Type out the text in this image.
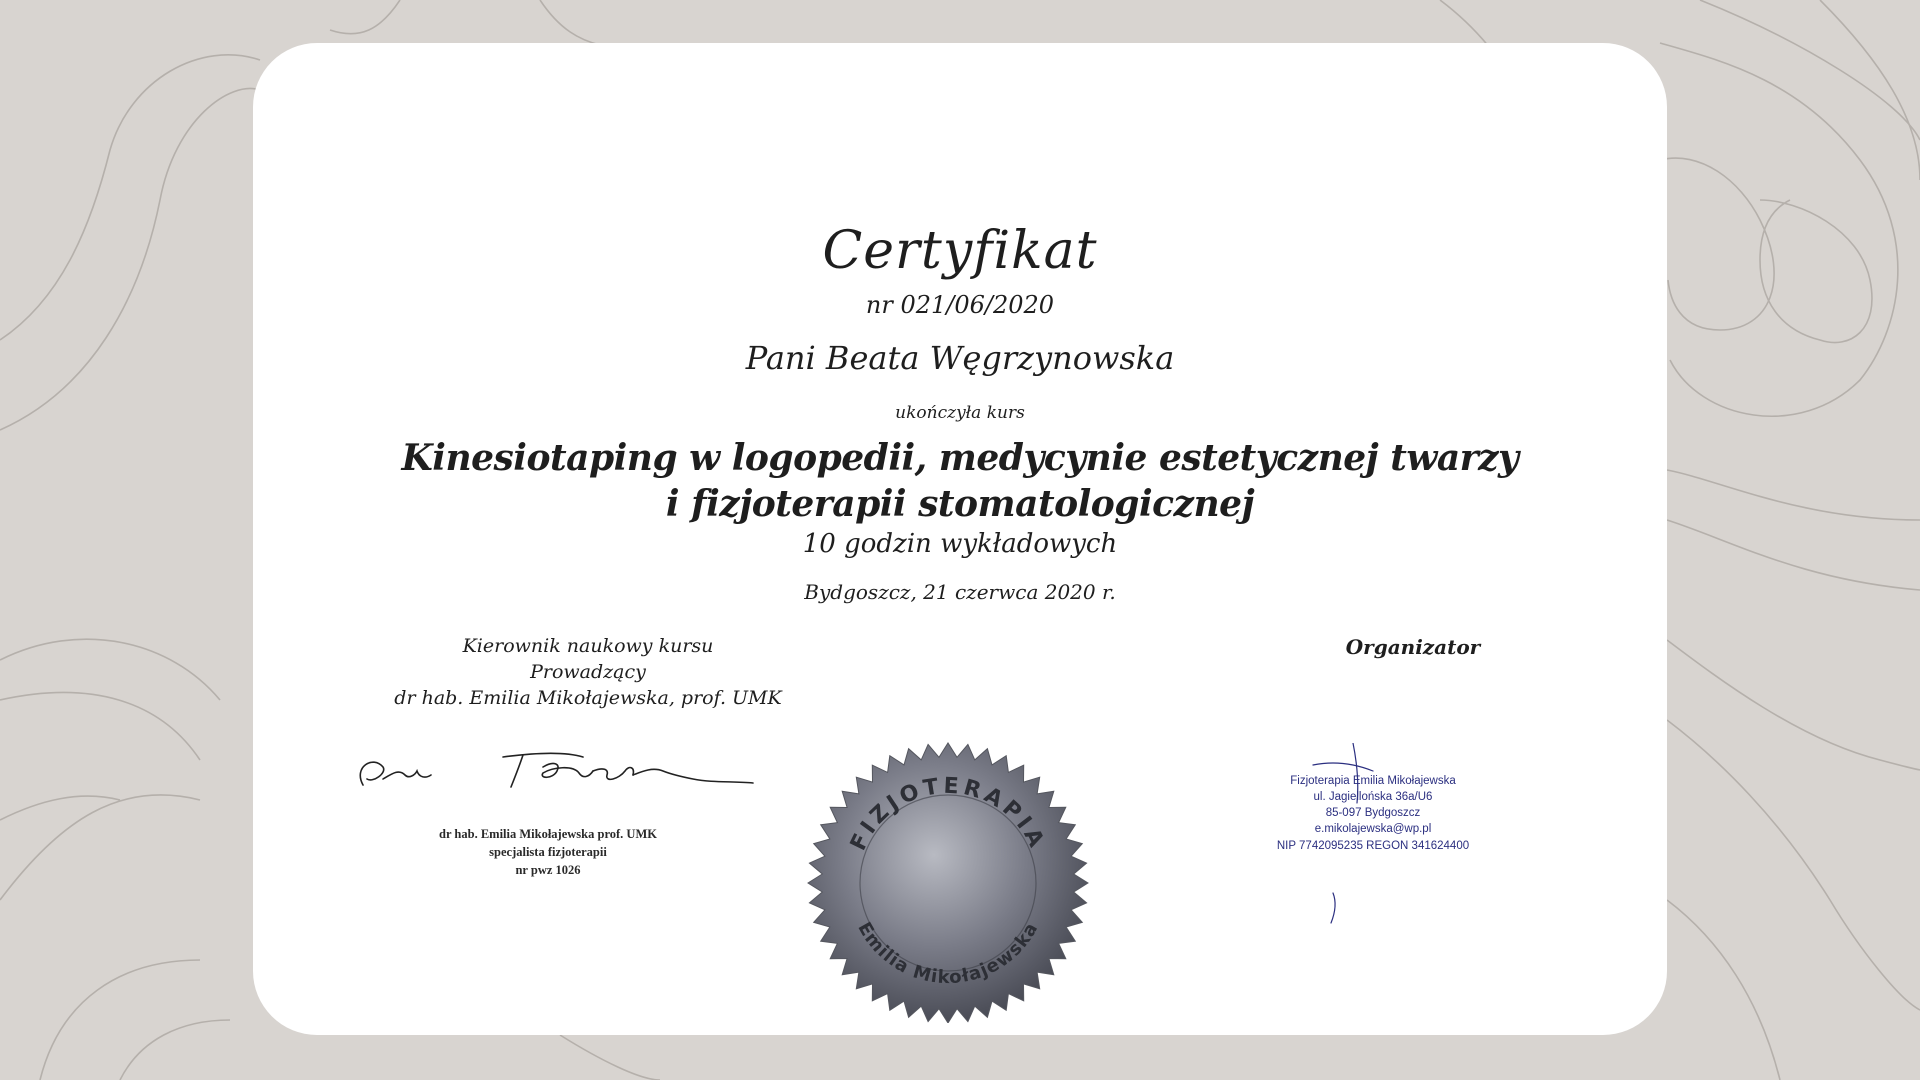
Certyfikat
nr 021/06/2020
Pani Beata Węgrzynowska
ukończyła kurs
Kinesiotaping w logopedii, medycynie estetycznej twarzy
i fizjoterapii stomatologicznej
10 godzin wykładowych
Bydgoszcz, 21 czerwca 2020 r.
Kierownik naukowy kursu
Prowadzący
dr hab. Emilia Mikołajewska, prof. UMK
Organizator
FIZJOTERAPIA
Emilia Mikołajewska
dr hab. Emilia Mikołajewska prof. UMK
specjalista fizjoterapii
nr pwz 1026
Fizjoterapia Emilia Mikołajewska
ul. Jagiellońska 36a/U6
85-097 Bydgoszcz
e.mikolajewska@wp.pl
NIP 7742095235 REGON 341624400
